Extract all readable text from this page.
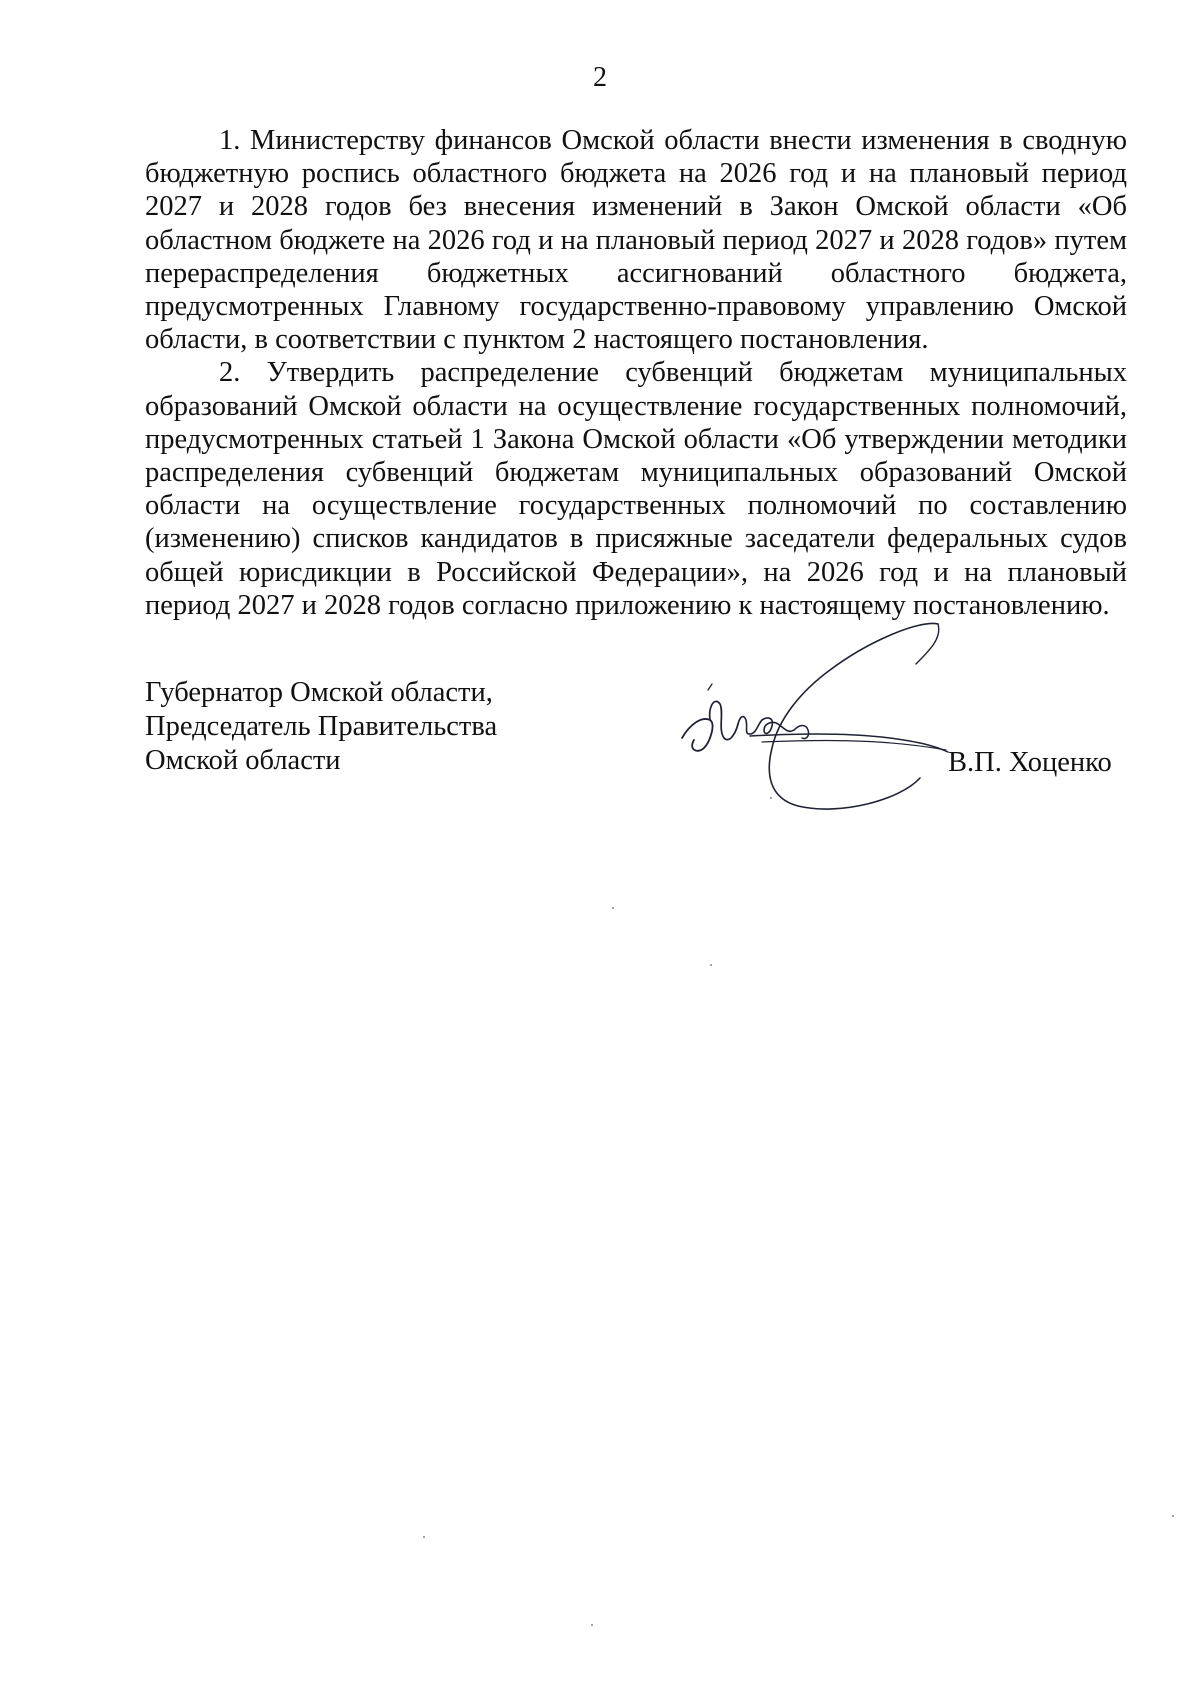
2

1. Министерству финансов Омской области внести изменения в сводную бюджетную роспись областного бюджета на 2026 год и на плановый период 2027 и 2028 годов без внесения изменений в Закон Омской области «Об областном бюджете на 2026 год и на плановый период 2027 и 2028 годов» путем перераспределения бюджетных ассигнований областного бюджета, предусмотренных Главному государственно-правовому управлению Омской области, в соответствии с пунктом 2 настоящего постановления.

2. Утвердить распределение субвенций бюджетам муниципальных образований Омской области на осуществление государственных полномочий, предусмотренных статьей 1 Закона Омской области «Об утверждении методики распределения субвенций бюджетам муниципальных образований Омской области на осуществление государственных полномочий по составлению (изменению) списков кандидатов в присяжные заседатели федеральных судов общей юрисдикции в Российской Федерации», на 2026 год и на плановый период 2027 и 2028 годов согласно приложению к настоящему постановлению.

Губернатор Омской области,
Председатель Правительства
Омской области	В.П. Хоценко
